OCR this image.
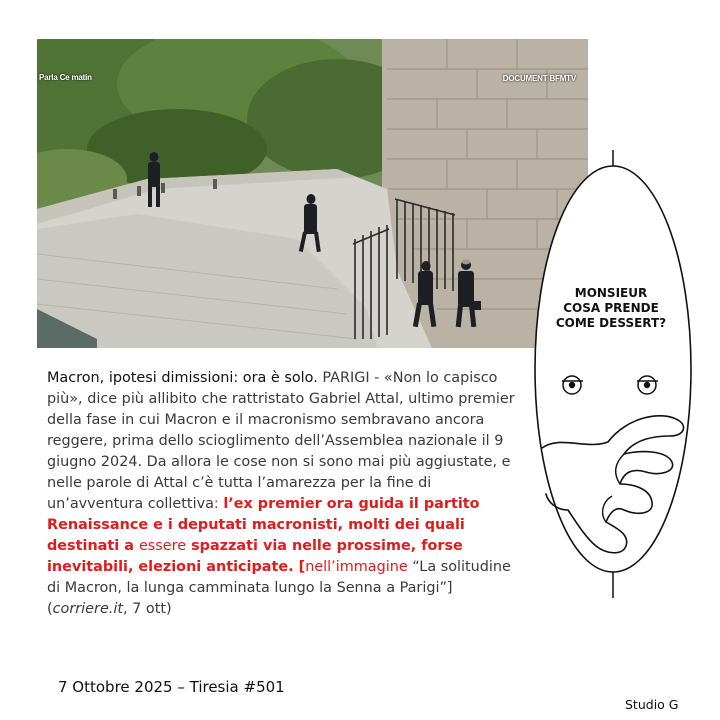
Parla Ce matin	DOCUMENT BFMTV

Macron, ipotesi dimissioni: ora è solo. PARIGI - «Non lo capisco più», dice più allibito che rattristato Gabriel Attal, ultimo premier della fase in cui Macron e il macronismo sembravano ancora reggere, prima dello scioglimento dell’Assemblea nazionale il 9 giugno 2024. Da allora le cose non si sono mai più aggiustate, e nelle parole di Attal c’è tutta l’amarezza per la fine di un’avventura collettiva: l’ex premier ora guida il partito Renaissance e i deputati macronisti, molti dei quali destinati a essere spazzati via nelle prossime, forse inevitabili, elezioni anticipate. [nell’immagine “La solitudine di Macron, la lunga camminata lungo la Senna a Parigi”] (corriere.it, 7 ott)

7 Ottobre 2025 – Tiresia #501
Studio G
MONSIEUR
COSA PRENDE
COME DESSERT?
